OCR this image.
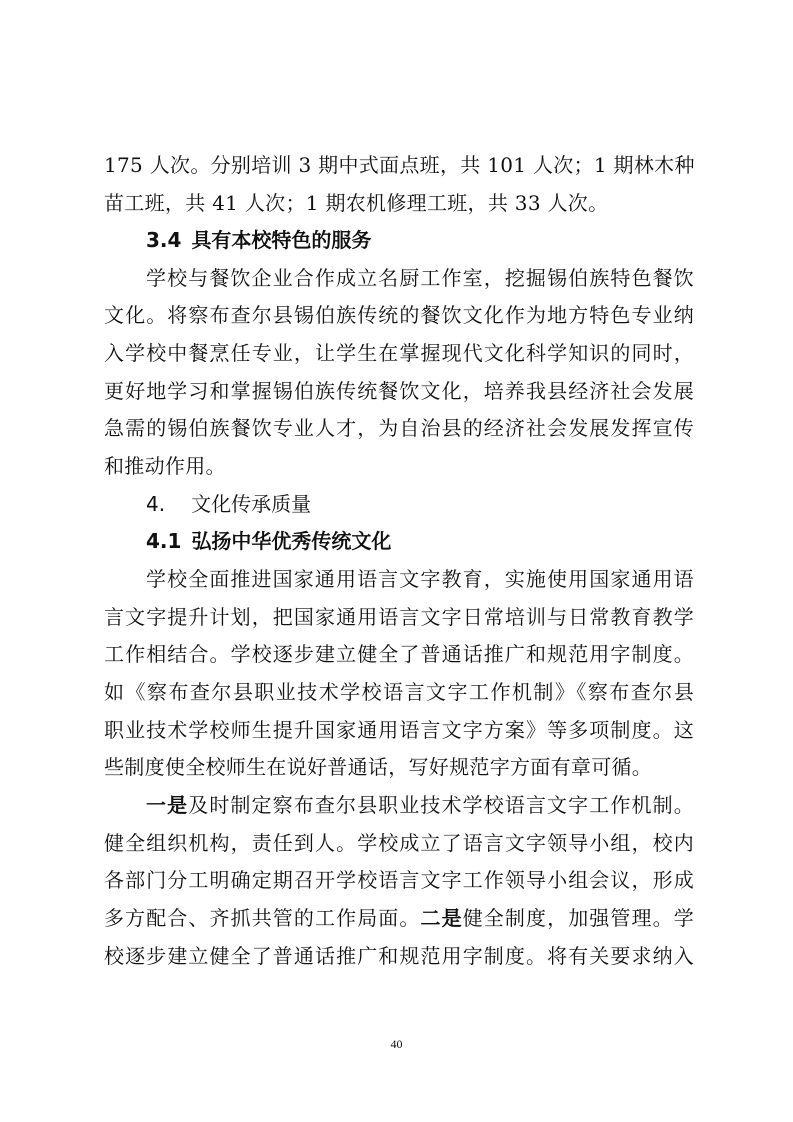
175 人次。分别培训 3 期中式面点班，共 101 人次；1 期林木种
苗工班，共 41 人次；1 期农机修理工班，共 33 人次。
3.4 具有本校特色的服务
学校与餐饮企业合作成立名厨工作室，挖掘锡伯族特色餐饮
文化。将察布查尔县锡伯族传统的餐饮文化作为地方特色专业纳
入学校中餐烹任专业，让学生在掌握现代文化科学知识的同时，
更好地学习和掌握锡伯族传统餐饮文化，培养我县经济社会发展
急需的锡伯族餐饮专业人才，为自治县的经济社会发展发挥宣传
和推动作用。
4. 文化传承质量
4.1 弘扬中华优秀传统文化
学校全面推进国家通用语言文字教育，实施使用国家通用语
言文字提升计划，把国家通用语言文字日常培训与日常教育教学
工作相结合。学校逐步建立健全了普通话推广和规范用字制度。
如《察布查尔县职业技术学校语言文字工作机制》《察布查尔县
职业技术学校师生提升国家通用语言文字方案》等多项制度。这
些制度使全校师生在说好普通话，写好规范字方面有章可循。
一是及时制定察布查尔县职业技术学校语言文字工作机制。
健全组织机构，责任到人。学校成立了语言文字领导小组，校内
各部门分工明确定期召开学校语言文字工作领导小组会议，形成
多方配合、齐抓共管的工作局面。二是健全制度，加强管理。学
校逐步建立健全了普通话推广和规范用字制度。将有关要求纳入
40
